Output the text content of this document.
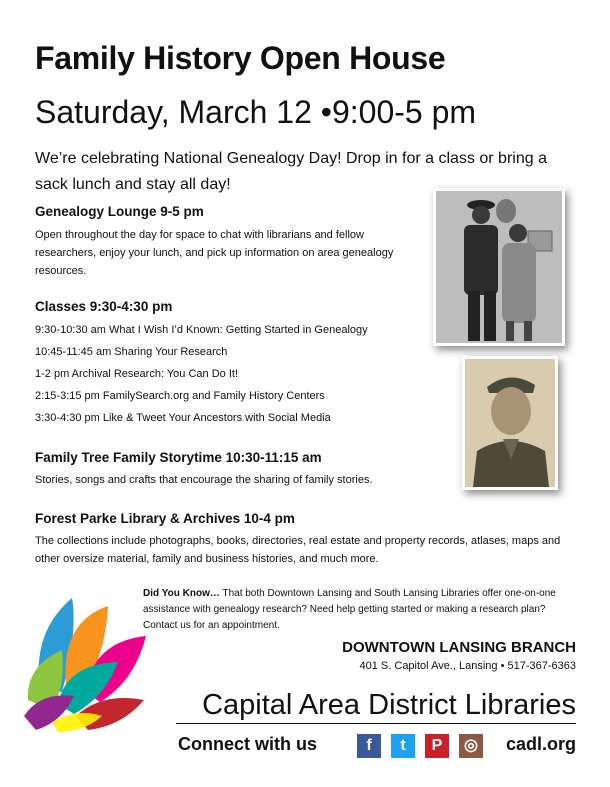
Family History Open House
Saturday, March 12 •9:00-5 pm
We’re celebrating National Genealogy Day! Drop in for a class or bring a sack lunch and stay all day!
Genealogy Lounge 9-5 pm
Open throughout the day for space to chat with librarians and fellow researchers, enjoy your lunch, and pick up information on area genealogy resources.
Classes 9:30-4:30 pm
9:30-10:30 am What I Wish I’d Known: Getting Started in Genealogy
10:45-11:45 am Sharing Your Research
1-2 pm Archival Research: You Can Do It!
2:15-3:15 pm FamilySearch.org and Family History Centers
3:30-4:30 pm Like & Tweet Your Ancestors with Social Media
Family Tree Family Storytime 10:30-11:15 am
Stories, songs and crafts that encourage the sharing of family stories.
Forest Parke Library & Archives 10-4 pm
The collections include photographs, books, directories, real estate and property records, atlases, maps and other oversize material, family and business histories, and much more.
Did You Know… That both Downtown Lansing and South Lansing Libraries offer one-on-one assistance with genealogy research? Need help getting started or making a research plan? Contact us for an appointment.
DOWNTOWN LANSING BRANCH
401 S. Capitol Ave., Lansing • 517-367-6363
Capital Area District Libraries
Connect with us	f	t	P	◎	cadl.org
